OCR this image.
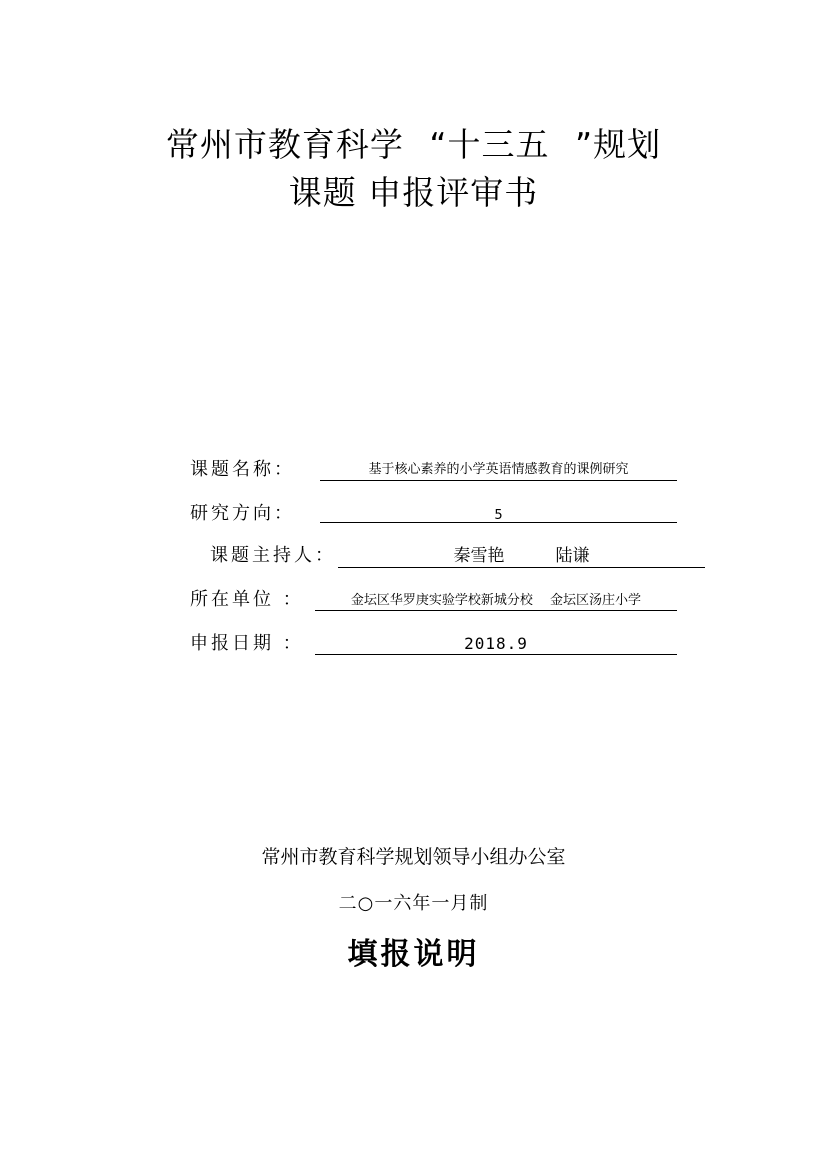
常州市教育科学 “十三五 ”规划
课题 申报评审书
课题名称：	基于核心素养的小学英语情感教育的课例研究
研究方向：	5
课题主持人：	秦雪艳　　　陆谦
所在单位 ：	金坛区华罗庚实验学校新城分校　 金坛区汤庄小学
申报日期 ：	2018.9
常州市教育科学规划领导小组办公室
二○一六年一月制
填报说明
